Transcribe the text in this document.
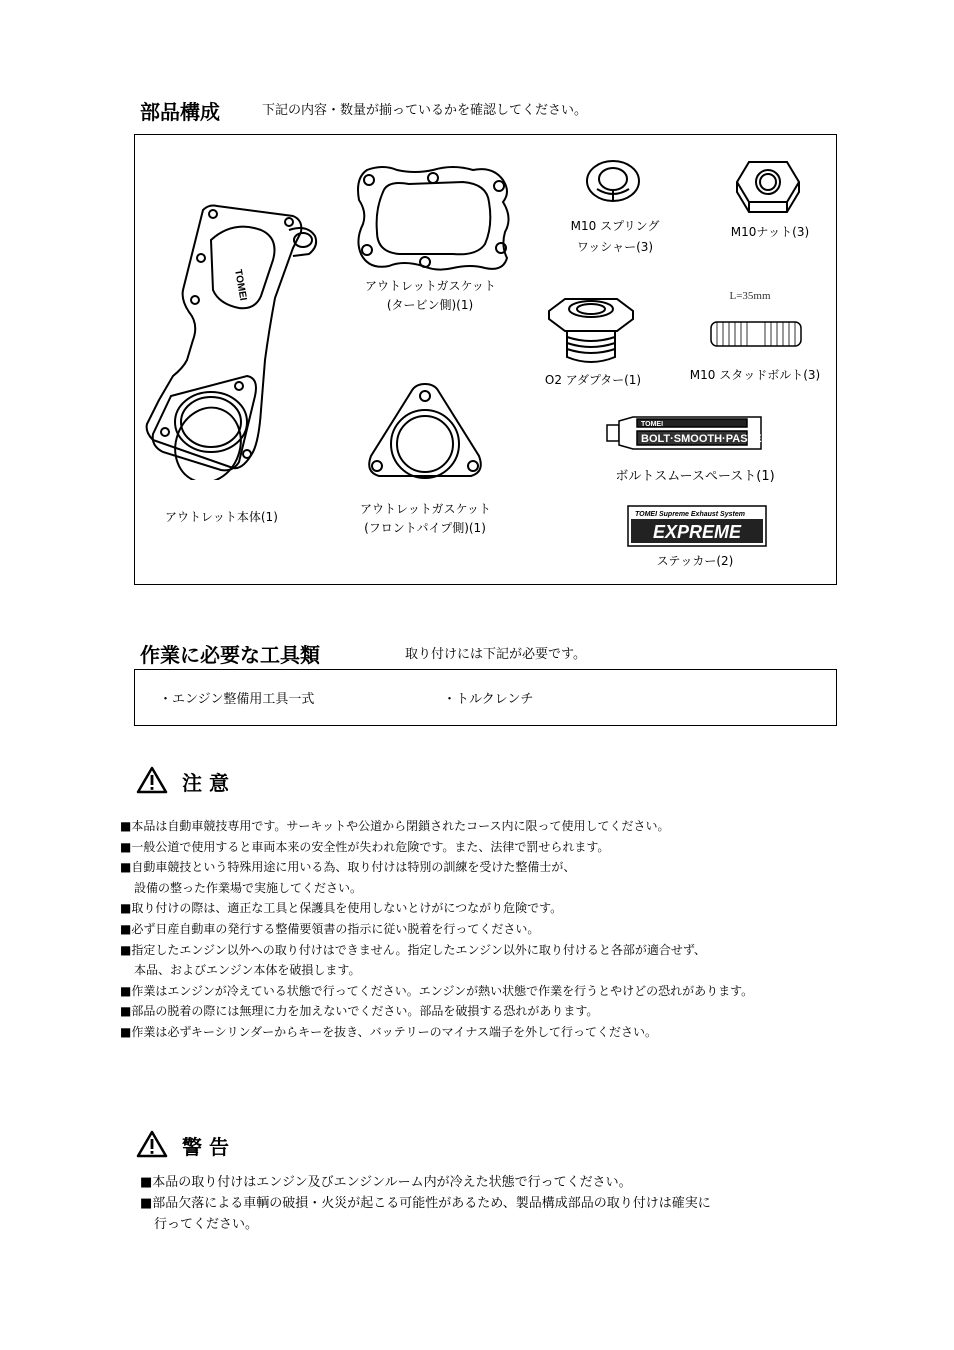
部品構成	下記の内容・数量が揃っているかを確認してください。
TOMEI
アウトレット本体(1)
アウトレットガスケット
(タービン側)(1)
アウトレットガスケット
(フロントパイプ側)(1)
M10 スプリング
ワッシャー(3)
M10ナット(3)
O2 アダプター(1)
L=35mm
M10 スタッドボルト(3)
TOMEI
BOLT·SMOOTH·PASTE
ボルトスムースペースト(1)
TOMEI Supreme Exhaust System
EXPREME
ステッカー(2)
作業に必要な工具類	取り付けには下記が必要です。
・エンジン整備用工具一式	・トルクレンチ
注 意
■本品は自動車競技専用です。サーキットや公道から閉鎖されたコース内に限って使用してください。
■一般公道で使用すると車両本来の安全性が失われ危険です。また、法律で罰せられます。
■自動車競技という特殊用途に用いる為、取り付けは特別の訓練を受けた整備士が、
設備の整った作業場で実施してください。
■取り付けの際は、適正な工具と保護具を使用しないとけがにつながり危険です。
■必ず日産自動車の発行する整備要領書の指示に従い脱着を行ってください。
■指定したエンジン以外への取り付けはできません。指定したエンジン以外に取り付けると各部が適合せず、
本品、およびエンジン本体を破損します。
■作業はエンジンが冷えている状態で行ってください。エンジンが熱い状態で作業を行うとやけどの恐れがあります。
■部品の脱着の際には無理に力を加えないでください。部品を破損する恐れがあります。
■作業は必ずキーシリンダーからキーを抜き、バッテリーのマイナス端子を外して行ってください。
警 告
■本品の取り付けはエンジン及びエンジンルーム内が冷えた状態で行ってください。
■部品欠落による車輌の破損・火災が起こる可能性があるため、製品構成部品の取り付けは確実に
行ってください。
